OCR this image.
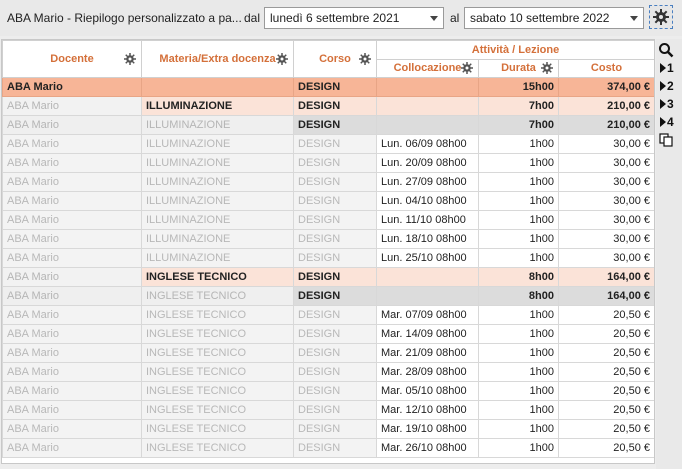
ABA Mario - Riepilogo personalizzato a pa... dal lunedì 6 settembre 2021	al sabato 10 settembre 2022
Docente	Materia/Extra docenza	Corso	Attività / Lezione		
			Collocazione	Durata	Costo
ABA Mario		DESIGN		15h00	374,00 €
ABA Mario	ILLUMINAZIONE	DESIGN		7h00	210,00 €
ABA Mario	ILLUMINAZIONE	DESIGN		7h00	210,00 €
ABA Mario	ILLUMINAZIONE	DESIGN	Lun. 06/09 08h00	1h00	30,00 €
ABA Mario	ILLUMINAZIONE	DESIGN	Lun. 20/09 08h00	1h00	30,00 €
ABA Mario	ILLUMINAZIONE	DESIGN	Lun. 27/09 08h00	1h00	30,00 €
ABA Mario	ILLUMINAZIONE	DESIGN	Lun. 04/10 08h00	1h00	30,00 €
ABA Mario	ILLUMINAZIONE	DESIGN	Lun. 11/10 08h00	1h00	30,00 €
ABA Mario	ILLUMINAZIONE	DESIGN	Lun. 18/10 08h00	1h00	30,00 €
ABA Mario	ILLUMINAZIONE	DESIGN	Lun. 25/10 08h00	1h00	30,00 €
ABA Mario	INGLESE TECNICO	DESIGN		8h00	164,00 €
ABA Mario	INGLESE TECNICO	DESIGN		8h00	164,00 €
ABA Mario	INGLESE TECNICO	DESIGN	Mar. 07/09 08h00	1h00	20,50 €
ABA Mario	INGLESE TECNICO	DESIGN	Mar. 14/09 08h00	1h00	20,50 €
ABA Mario	INGLESE TECNICO	DESIGN	Mar. 21/09 08h00	1h00	20,50 €
ABA Mario	INGLESE TECNICO	DESIGN	Mar. 28/09 08h00	1h00	20,50 €
ABA Mario	INGLESE TECNICO	DESIGN	Mar. 05/10 08h00	1h00	20,50 €
ABA Mario	INGLESE TECNICO	DESIGN	Mar. 12/10 08h00	1h00	20,50 €
ABA Mario	INGLESE TECNICO	DESIGN	Mar. 19/10 08h00	1h00	20,50 €
ABA Mario	INGLESE TECNICO	DESIGN	Mar. 26/10 08h00	1h00	20,50 €
1
2
3
4
